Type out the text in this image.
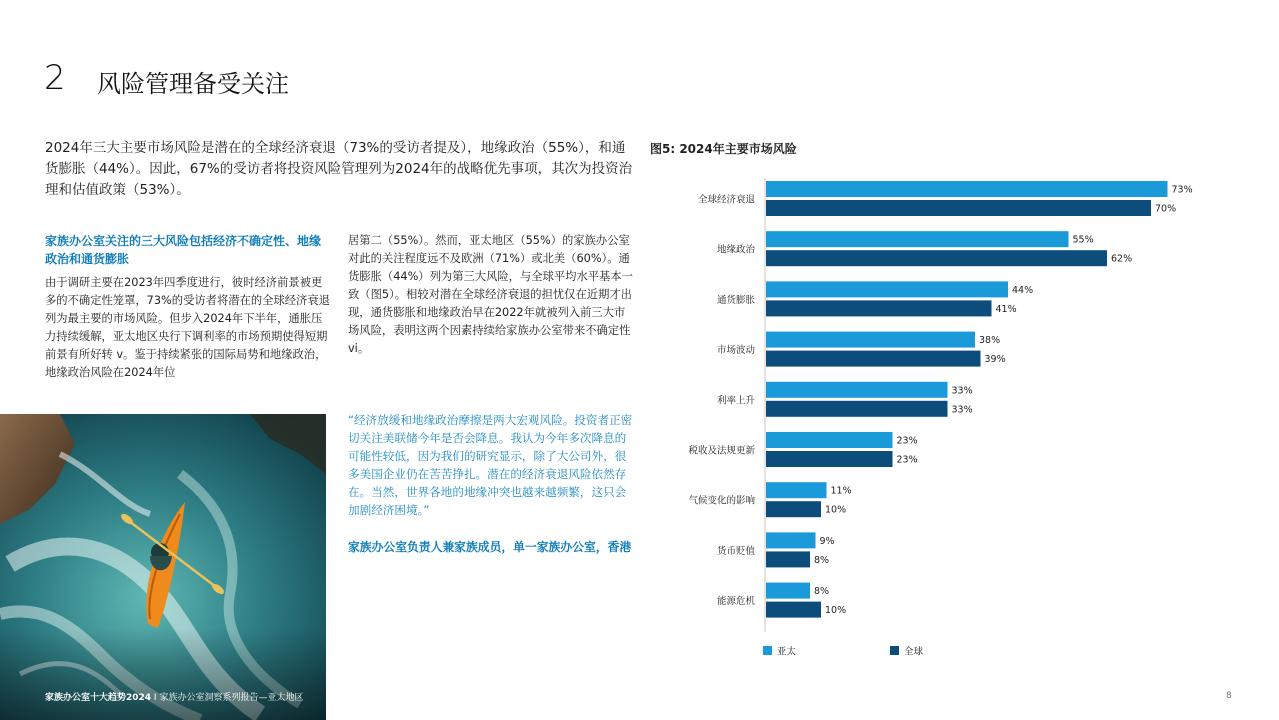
2 风险管理备受关注
2024年三大主要市场风险是潜在的全球经济衰退（73%的受访者提及），地缘政治（55%），和通货膨胀（44%）。因此，67%的受访者将投资风险管理列为2024年的战略优先事项，其次为投资治理和估值政策（53%）。
家族办公室关注的三大风险包括经济不确定性、地缘政治和通货膨胀

由于调研主要在2023年四季度进行，彼时经济前景被更多的不确定性笼罩，73%的受访者将潜在的全球经济衰退列为最主要的市场风险。但步入2024年下半年，通胀压力持续缓解，亚太地区央行下调利率的市场预期使得短期前景有所好转 v。鉴于持续紧张的国际局势和地缘政治，地缘政治风险在2024年位

居第二（55%）。然而，亚太地区（55%）的家族办公室对此的关注程度远不及欧洲（71%）或北美（60%）。通货膨胀（44%）列为第三大风险，与全球平均水平基本一致（图5）。相较对潜在全球经济衰退的担忧仅在近期才出现，通货膨胀和地缘政治早在2022年就被列入前三大市场风险，表明这两个因素持续给家族办公室带来不确定性 vi。

家族办公室十大趋势2024 I 家族办公室洞察系列报告—亚太地区
“经济放缓和地缘政治摩擦是两大宏观风险。投资者正密切关注美联储今年是否会降息。我认为今年多次降息的可能性较低，因为我们的研究显示，除了大公司外，很多美国企业仍在苦苦挣扎。潜在的经济衰退风险依然存在。当然，世界各地的地缘冲突也越来越频繁，这只会加剧经济困境。”
家族办公室负责人兼家族成员，单一家族办公室，香港
图5: 2024年主要市场风险
全球经济衰退
73%
70%
地缘政治
55%
62%
通货膨胀
44%
41%
市场波动
38%
39%
利率上升
33%
33%
税收及法规更新
23%
23%
气候变化的影响
11%
10%
货币贬值
9%
8%
能源危机
8%
10%
亚太	全球
8
